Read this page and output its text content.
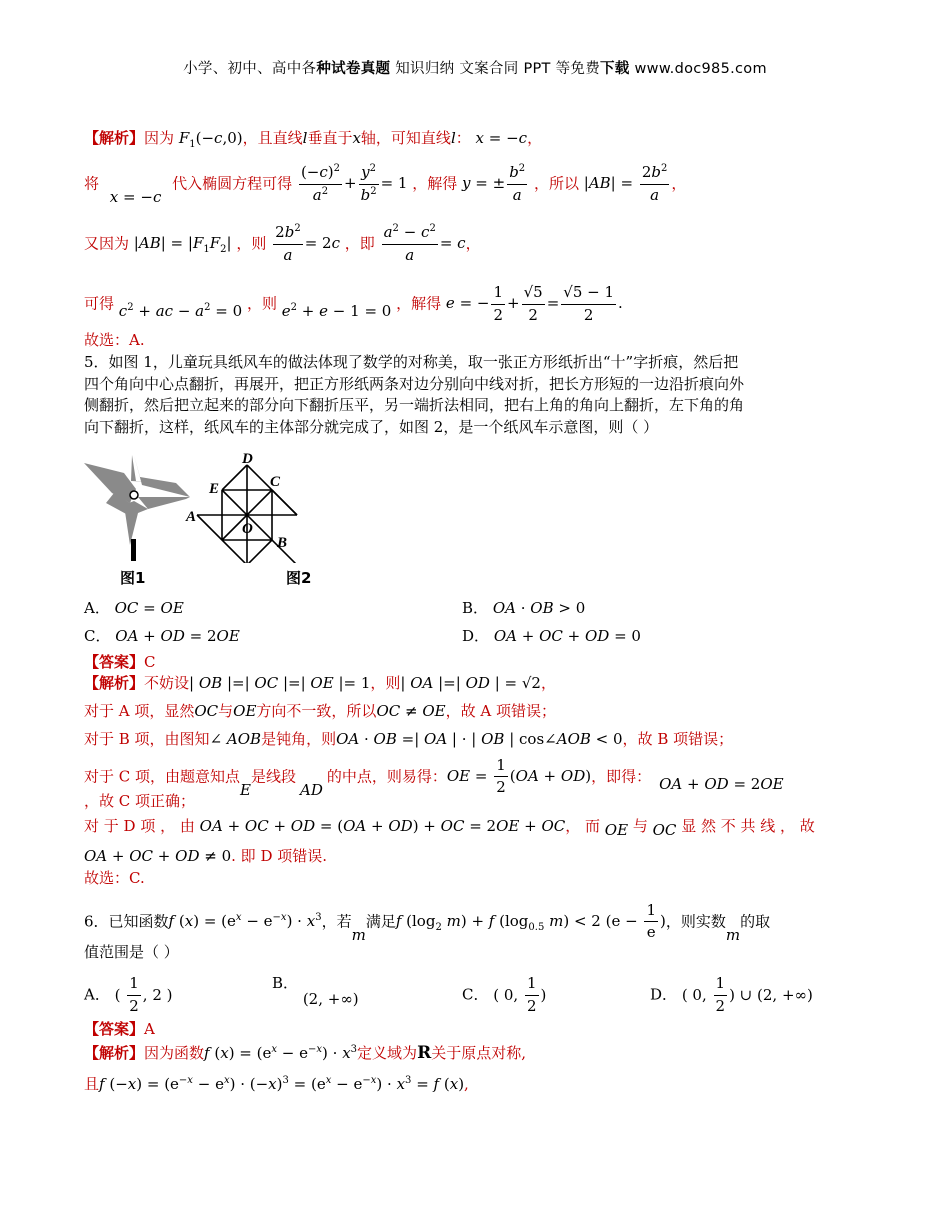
小学、初中、高中各种试卷真题 知识归纳 文案合同 PPT 等免费下载 www.doc985.com
【解析】因为 $F_1(-c,0)$，且直线l垂直于x轴，可知直线l： x = −c，
将 x = −c 代入椭圆方程可得 $\frac{(-c)^2}{a^2} + \frac{y^2}{b^2} = 1$ ，解得 y = ± $\frac{b^2}{a}$ ，所以 $|AB| = \frac{2b^2}{a}$ ，
又因为 $|AB| = |F_1F_2|$ ，则 $\frac{2b^2}{a} = 2c$ ，即 $\frac{a^2 - c^2}{a} = c$，
可得 $c^2$ + ac − $a^2 = 0$ ，则 $e^2 + e - 1 = 0$ ，解得 e = − $\frac{1}{2} + \frac{√5}{2} = \frac{√5 - 1}{2}$ .
故选：A.
5．如图 1，儿童玩具纸风车的做法体现了数学的对称美，取一张正方形纸折出“十”字折痕，然后把
四个角向中心点翻折，再展开，把正方形纸两条对边分别向中线对折，把长方形短的一边沿折痕向外
侧翻折，然后把立起来的部分向下翻折压平，另一端折法相同，把右上角的角向上翻折，左下角的角
向下翻折，这样，纸风车的主体部分就完成了，如图 2，是一个纸风车示意图，则（ ）
D
C
E
A
O
B
图1	图2
A． OC = OE	B． OA · OB > 0
C． OA + OD = 2OE	D． OA + OC + OD = 0
【答案】C
【解析】不妨设| OB |=| OC |=| OE |= 1，则| OA |=| OD | = √2，
对于 A 项，显然OC与OE方向不一致，所以OC ≠ OE，故 A 项错误；
对于 B 项，由图知∠ AOB是钝角，则OA · OB =| OA | · | OB | cos∠AOB < 0，故 B 项错误；
对于 C 项，由题意知点E是线段AD的中点，则易得：OE = $\frac{1}{2} (OA + OD)$，即得： OA + OD = 2OE
，故 C 项正确；
对 于 D 项 ， 由 OA + OC + OD = (OA + OD) + OC = 2OE + OC， 而 OE 与 OC 显 然 不 共 线 ， 故
OA + OC + OD ≠ 0. 即 D 项错误.
故选：C.
6．已知函数f $(x) = (e^x - e^{-x}) \cdot x^3$，若m满足f ($\log_2$ m) + f ($\log_{0.5}$ m) < 2 ($e - \frac{1}{e}$ )，则实数m的取
值范围是（ ）
A． ( $\frac{1}{2}$ , 2 )
B． (2, +∞)	C． ( 0, $\frac{1}{2}$ )	D． ( 0, $\frac{1}{2}$ ) ∪ (2, +∞)
【答案】A
【解析】因为函数f $(x) = (e^x - e^{-x}) \cdot x^3$定义域为R关于原点对称,
且f $(-x) = (e^{-x} - e^x) \cdot (-x)^3 = (e^x - e^{-x}) \cdot x^3 = f$ (x),
